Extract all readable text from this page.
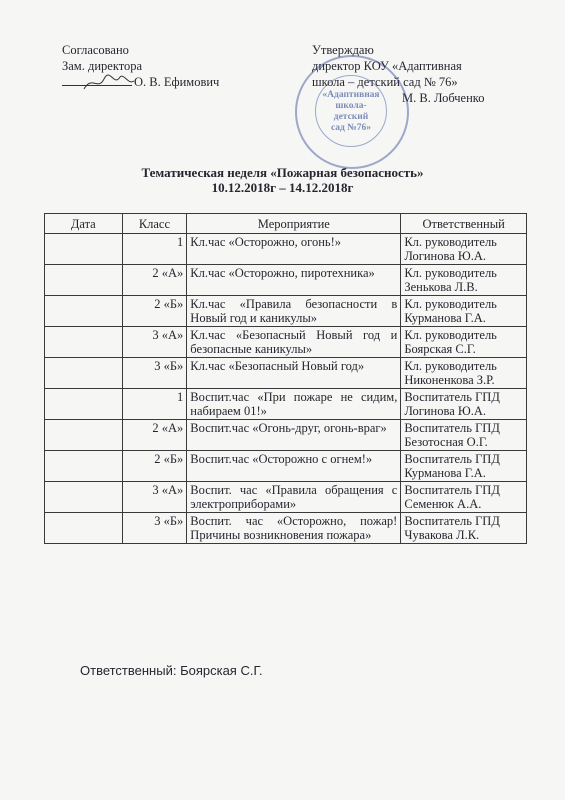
Согласовано
Зам. директора
О. В. Ефимович
Утверждаю
директор КОУ «Адаптивная
школа – детский сад № 76»
М. В. Лобченко
«Адаптивная
школа-
детский
сад №76»
Тематическая неделя «Пожарная безопасность»
10.12.2018г – 14.12.2018г
Дата	Класс	Мероприятие	Ответственный
	1	Кл.час «Осторожно, огонь!»	Кл. руководитель Логинова Ю.А.
	2 «А»	Кл.час «Осторожно, пиротехника»	Кл. руководитель Зенькова Л.В.
	2 «Б»	Кл.час «Правила безопасности в Новый год и каникулы»	Кл. руководитель Курманова Г.А.
	3 «А»	Кл.час «Безопасный Новый год и безопасные каникулы»	Кл. руководитель Боярская С.Г.
	3 «Б»	Кл.час «Безопасный Новый год»	Кл. руководитель Никоненкова З.Р.
	1	Воспит.час «При пожаре не сидим, набираем 01!»	Воспитатель ГПД Логинова Ю.А.
	2 «А»	Воспит.час «Огонь-друг, огонь-враг»	Воспитатель ГПД Безотосная О.Г.
	2 «Б»	Воспит.час «Осторожно с огнем!»	Воспитатель ГПД Курманова Г.А.
	3 «А»	Воспит. час «Правила обращения с электроприборами»	Воспитатель ГПД Семенюк А.А.
	3 «Б»	Воспит. час «Осторожно, пожар! Причины возникновения пожара»	Воспитатель ГПД Чувакова Л.К.
Ответственный: Боярская С.Г.
